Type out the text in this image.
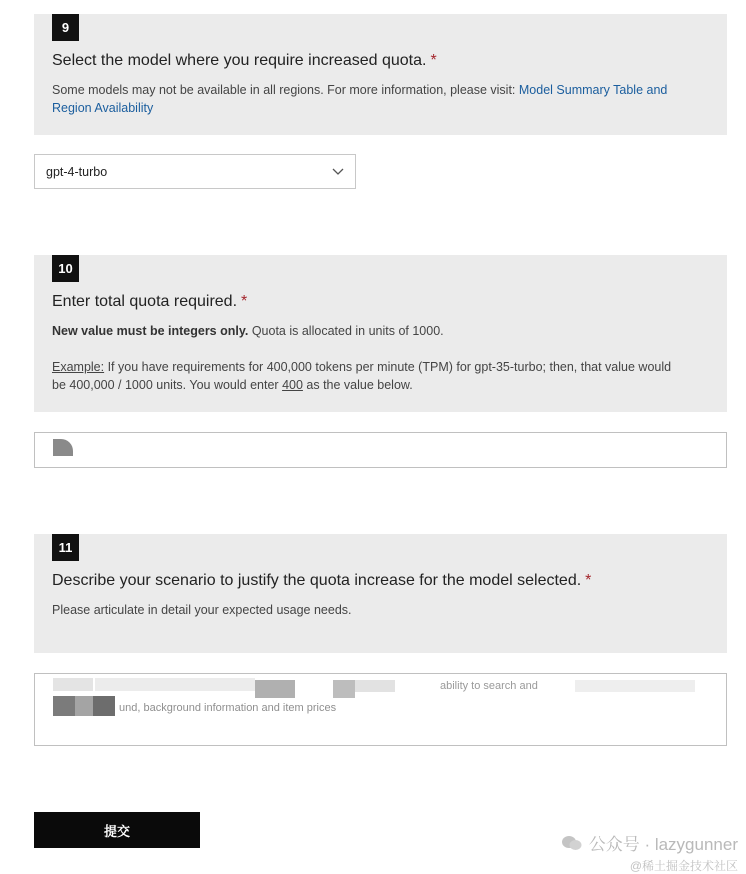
9
Select the model where you require increased quota. *
Some models may not be available in all regions. For more information, please visit: Model Summary Table and
Region Availability
gpt-4-turbo
10
Enter total quota required. *
New value must be integers only. Quota is allocated in units of 1000.
Example: If you have requirements for 400,000 tokens per minute (TPM) for gpt-35-turbo; then, that value would
be 400,000 / 1000 units. You would enter 400 as the value below.
11
Describe your scenario to justify the quota increase for the model selected. *
Please articulate in detail your expected usage needs.
ability to search and
und, background information and item prices
提交
公众号 · lazygunner
@稀土掘金技术社区
